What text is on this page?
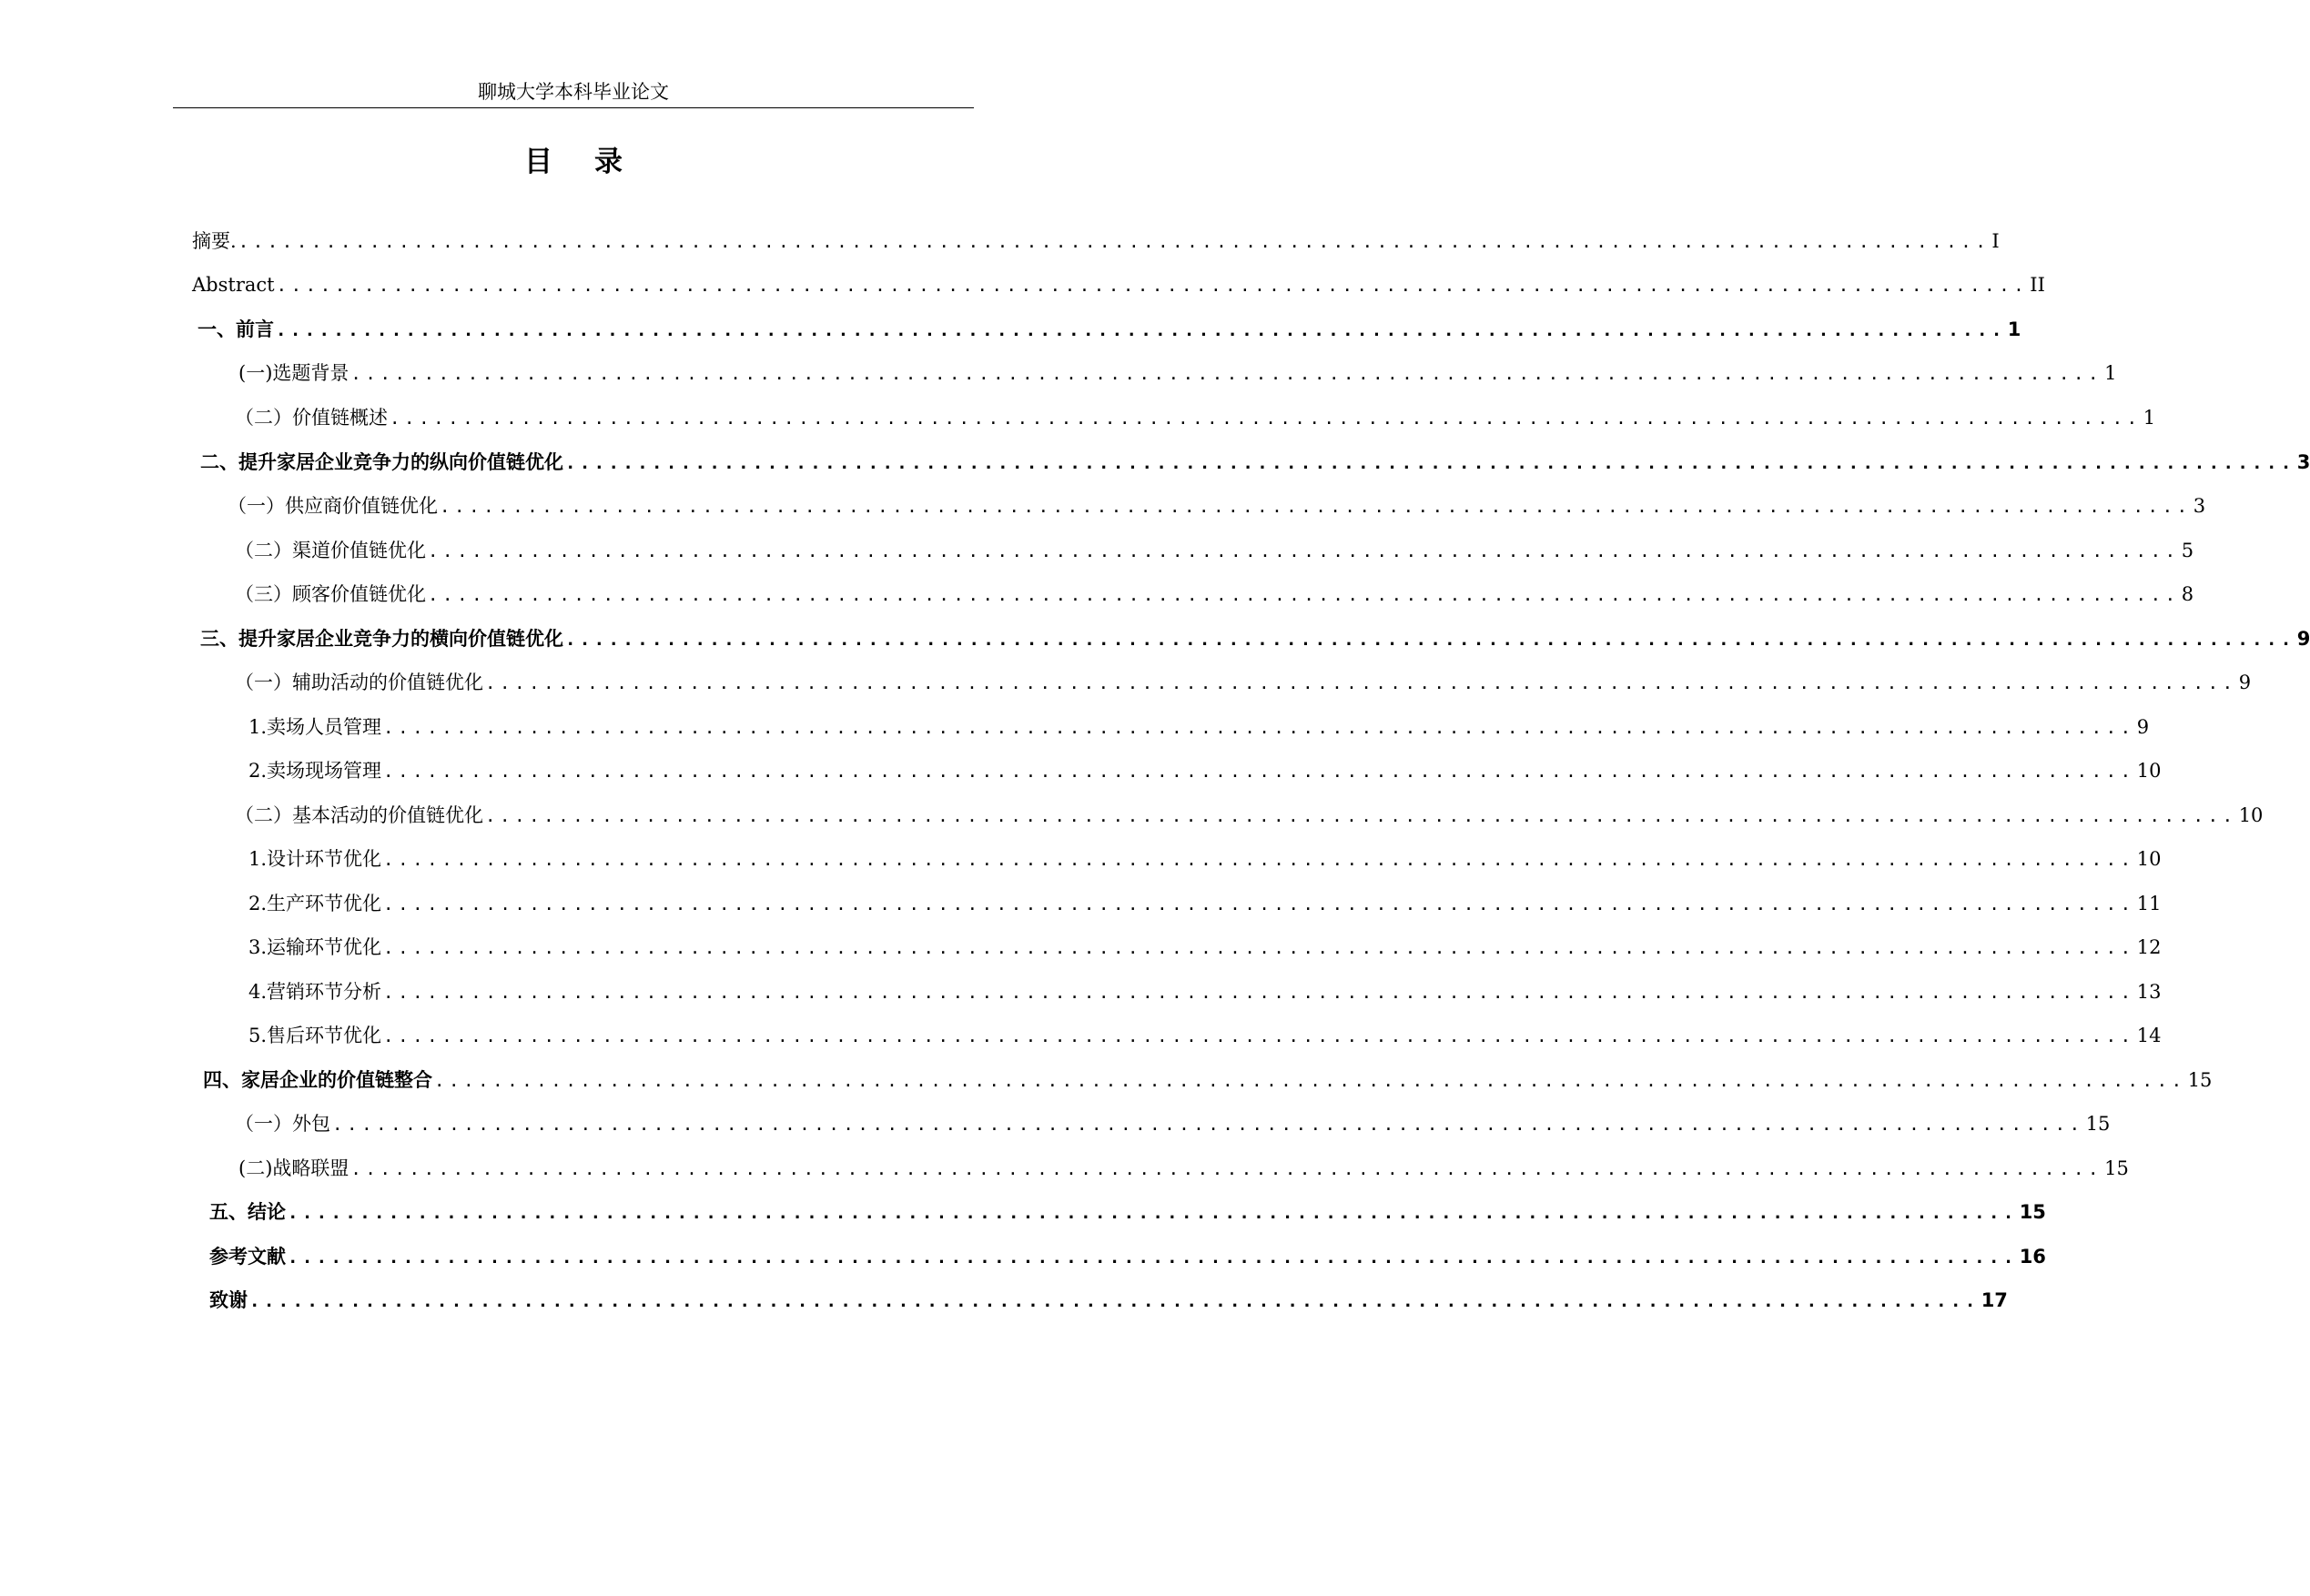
聊城大学本科毕业论文
目录
摘要. ........................................................................................................................ I
Abstract ........................................................................................................................ II
一、前言 ........................................................................................................................ 1
(一)选题背景 ........................................................................................................................ 1
（二）价值链概述 ........................................................................................................................ 1
二、提升家居企业竞争力的纵向价值链优化 ........................................................................................................................ 3
（一）供应商价值链优化 ........................................................................................................................ 3
（二）渠道价值链优化 ........................................................................................................................ 5
（三）顾客价值链优化 ........................................................................................................................ 8
三、提升家居企业竞争力的横向价值链优化 ........................................................................................................................ 9
（一）辅助活动的价值链优化 ........................................................................................................................ 9
1.卖场人员管理 ........................................................................................................................ 9
2.卖场现场管理 ........................................................................................................................ 10
（二）基本活动的价值链优化 ........................................................................................................................ 10
1.设计环节优化 ........................................................................................................................ 10
2.生产环节优化 ........................................................................................................................ 11
3.运输环节优化 ........................................................................................................................ 12
4.营销环节分析 ........................................................................................................................ 13
5.售后环节优化 ........................................................................................................................ 14
四、家居企业的价值链整合 ........................................................................................................................ 15
（一）外包 ........................................................................................................................ 15
(二)战略联盟 ........................................................................................................................ 15
五、结论 ........................................................................................................................ 15
参考文献 ........................................................................................................................ 16
致谢 ........................................................................................................................ 17
